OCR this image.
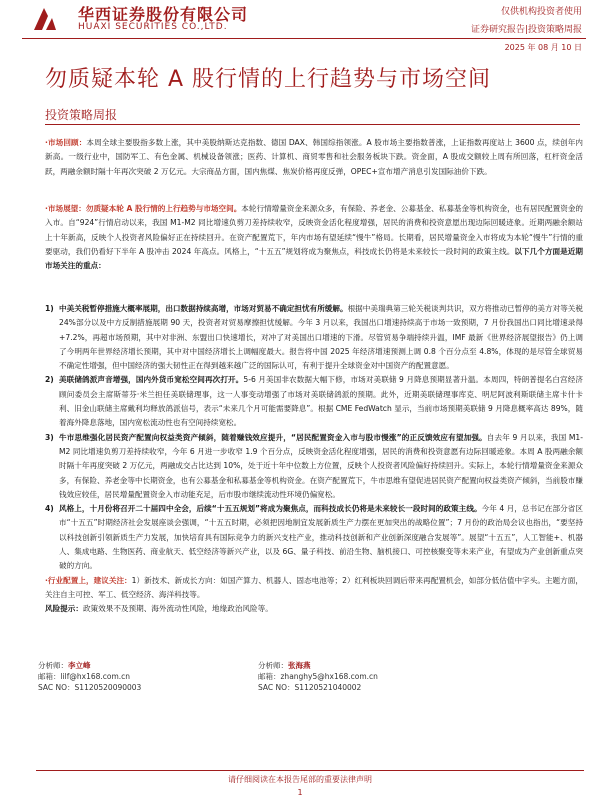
华西证券股份有限公司
HUAXI SECURITIES CO.,LTD.
仅供机构投资者使用
证券研究报告|投资策略周报
2025 年 08 月 10 日
勿质疑本轮 A 股行情的上行趋势与市场空间
投资策略周报
·市场回顾：本周全球主要股指多数上涨，其中美股纳斯达克指数、德国 DAX、韩国综指领涨。A 股市场主要指数普涨，上证指数再度站上 3600 点，续创年内新高。一级行业中，国防军工、有色金属、机械设备领涨；医药、计算机、商贸零售和社会服务板块下跌。资金面，A 股成交额较上周有所回落，杠杆资金活跃，两融余额时隔十年再次突破 2 万亿元。大宗商品方面，国内焦煤、焦炭价格再度反弹，OPEC+宣布增产消息引发国际油价下跌。
·市场展望：勿质疑本轮 A 股行情的上行趋势与市场空间。本轮行情增量资金来源众多，有保险、养老金、公募基金、私募基金等机构资金，也有居民配置资金的入市。自“924”行情启动以来，我国 M1-M2 同比增速负剪刀差持续收窄，反映资金活化程度增强，居民的消费和投资意愿出现边际回暖迹象。近期两融余额站上十年新高，反映个人投资者风险偏好正在持续回升。在资产配置荒下，年内市场有望延续“慢牛”格局。长期看，居民增量资金入市将成为本轮“慢牛”行情的重要驱动，我们仍看好下半年 A 股冲击 2024 年高点。风格上，“十五五”规划将成为聚焦点，科技成长仍将是未来较长一段时间的政策主线。以下几个方面是近期市场关注的重点：
1) 中美关税暂停措施大概率展期，出口数据持续高增，市场对贸易不确定担忧有所缓解。根据中美瑞典第三轮关税谈判共识，双方将推动已暂停的美方对等关税 24%部分以及中方反制措施展期 90 天，投资者对贸易摩擦担忧缓解。今年 3 月以来，我国出口增速持续高于市场一致预期，7 月份我国出口同比增速录得+7.2%，再超市场预期，其中对非洲、东盟出口快速增长，对冲了对美国出口增速的下滑。尽管贸易争端持续升温，IMF 最新《世界经济展望报告》仍上调了今明两年世界经济增长预期，其中对中国经济增长上调幅度最大。报告将中国 2025 年经济增速预测上调 0.8 个百分点至 4.8%，体现的是尽管全球贸易不确定性增强，但中国经济的强大韧性正在得到越来越广泛的国际认可，有利于提升全球资金对中国资产的配置意愿。
2) 美联储鸽派声音增强，国内外货币宽松空间再次打开。5-6 月美国非农数据大幅下修，市场对美联储 9 月降息预期显著升温。本周四，特朗普提名白宫经济顾问委员会主席斯蒂芬·米兰担任美联储理事，这一人事变动增强了市场对美联储鸽派的预期。此外，近期美联储理事库克、明尼阿波利斯联储主席卡什卡利、旧金山联储主席戴利均释放鸽派信号，表示“未来几个月可能需要降息”。根据 CME FedWatch 显示，当前市场预期美联储 9 月降息概率高达 89%，随着海外降息落地，国内宽松流动性也有空间持续宽松。
3) 牛市思维强化居民资产配置向权益类资产倾斜，随着赚钱效应提升，“居民配置资金入市与股市慢涨”的正反馈效应有望加强。自去年 9 月以来，我国 M1-M2 同比增速负剪刀差持续收窄，今年 6 月进一步收窄 1.9 个百分点，反映资金活化程度增强，居民的消费和投资意愿有边际回暖迹象。本周 A 股两融余额时隔十年再度突破 2 万亿元，两融成交占比达到 10%，处于近十年中位数上方位置，反映个人投资者风险偏好持续回升。实际上，本轮行情增量资金来源众多，有保险、养老金等中长期资金，也有公募基金和私募基金等机构资金。在资产配置荒下，牛市思维有望促进居民资产配置向权益类资产倾斜，当前股市赚钱效应较佳，居民增量配置资金入市动能充足，后市股市继续流动性环境仍偏宽松。
4) 风格上，十月份将召开二十届四中全会，后续“十五五规划”将成为聚焦点，而科技成长仍将是未来较长一段时间的政策主线。今年 4 月，总书记在部分省区市“十五五”时期经济社会发展座谈会强调，“十五五时期，必须把因地制宜发展新质生产力摆在更加突出的战略位置”；7 月份的政治局会议也指出，“要坚持以科技创新引领新质生产力发展，加快培育具有国际竞争力的新兴支柱产业，推动科技创新和产业创新深度融合发展等”。展望“十五五”，人工智能+、机器人、集成电路、生物医药、商业航天、低空经济等新兴产业，以及 6G、量子科技、前沿生物、脑机接口、可控核聚变等未来产业，有望成为产业创新重点突破的方向。
·行业配置上，建议关注：1）新技术、新成长方向：如国产算力、机器人、固态电池等；2）红利板块回调后带来再配置机会，如部分低估值中字头。主题方面，关注自主可控、军工、低空经济、海洋科技等。
风险提示：政策效果不及预期、海外流动性风险，地缘政治风险等。
分析师：李立峰
邮箱：lilf@hx168.com.cn
SAC NO：S1120520090003
分析师：张海燕
邮箱：zhanghy5@hx168.com.cn
SAC NO：S1120521040002
请仔细阅读在本报告尾部的重要法律声明
1
